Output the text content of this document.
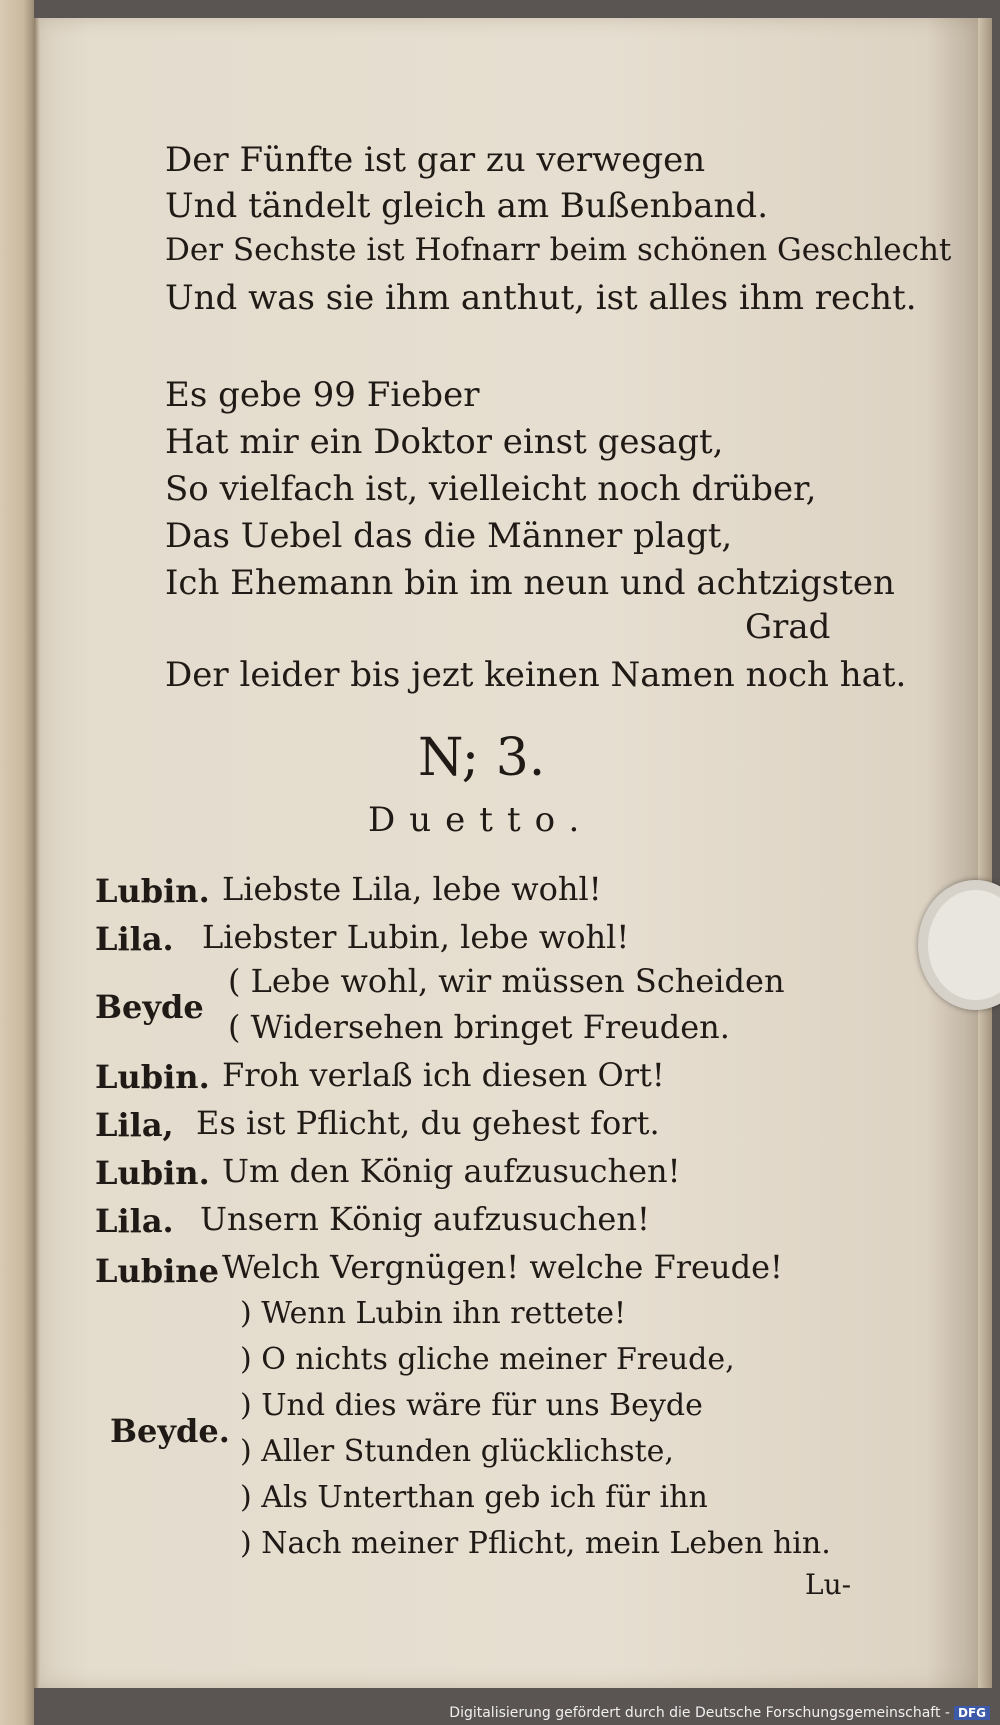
Der Fünfte ist gar zu verwegen
Und tändelt gleich am Bußenband.
Der Sechste ist Hofnarr beim schönen Geschlecht
Und was sie ihm anthut, ist alles ihm recht.
Es gebe 99 Fieber
Hat mir ein Doktor einst gesagt,
So vielfach ist, vielleicht noch drüber,
Das Uebel das die Männer plagt,
Ich Ehemann bin im neun und achtzigsten
Grad
Der leider bis jezt keinen Namen noch hat.
N; 3.
Duetto.
Lubin. Liebste Lila, lebe wohl!
Lila. Liebster Lubin, lebe wohl!
Beyde
( Lebe wohl, wir müssen Scheiden
( Widersehen bringet Freuden.
Lubin. Froh verlaß ich diesen Ort!
Lila, Es ist Pflicht, du gehest fort.
Lubin. Um den König aufzusuchen!
Lila. Unsern König aufzusuchen!
Lubine Welch Vergnügen! welche Freude!
Beyde.
) Wenn Lubin ihn rettete!
) O nichts gliche meiner Freude,
) Und dies wäre für uns Beyde
) Aller Stunden glücklichste,
) Als Unterthan geb ich für ihn
) Nach meiner Pflicht, mein Leben hin.
Lu-
Digitalisierung gefördert durch die Deutsche Forschungsgemeinschaft - DFG
